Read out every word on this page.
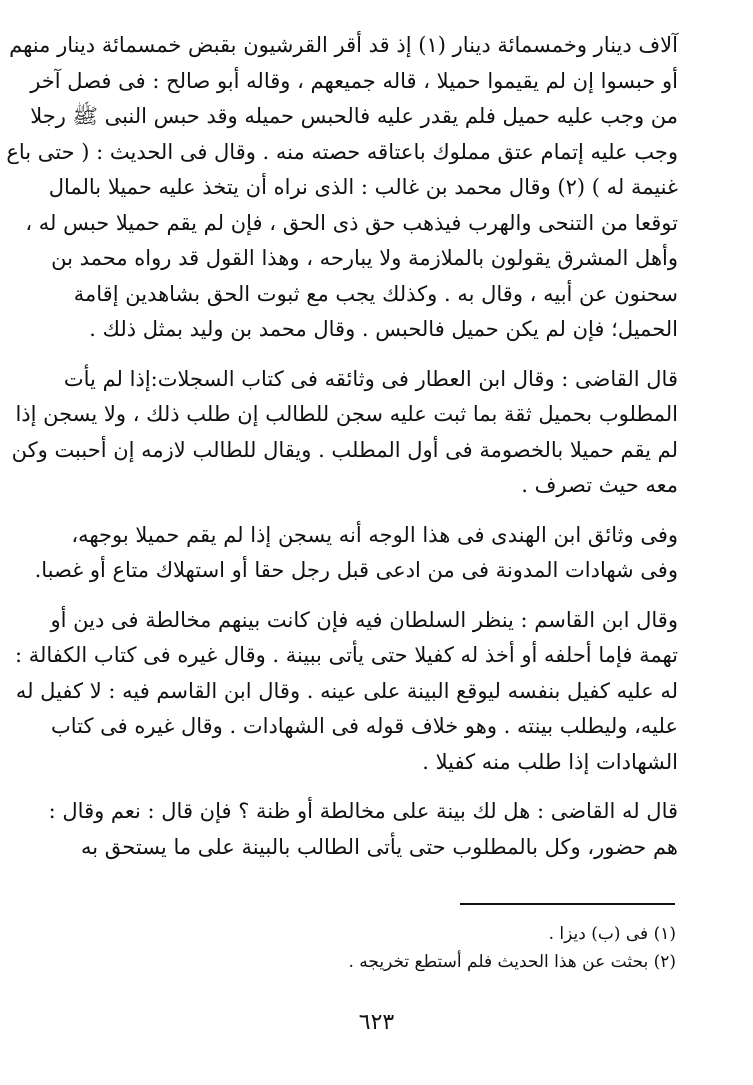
آلاف دينار وخمسمائة دينار (١) إذ قد أقر القرشيون بقبض خمسمائة دينار منهم
أو حبسوا إن لم يقيموا حميلا ، قاله جميعهم ، وقاله أبو صالح : فى فصل آخر
من وجب عليه حميل فلم يقدر عليه فالحبس حميله وقد حبس النبى ﷺ رجلا
وجب عليه إتمام عتق مملوك باعتاقه حصته منه . وقال فى الحديث : ( حتى باع
غنيمة له ) (٢) وقال محمد بن غالب : الذى نراه أن يتخذ عليه حميلا بالمال
توقعا من التنحى والهرب فيذهب حق ذى الحق ، فإن لم يقم حميلا حبس له ،
وأهل المشرق يقولون بالملازمة ولا يبارحه ، وهذا القول قد رواه محمد بن
سحنون عن أبيه ، وقال به . وكذلك يجب مع ثبوت الحق بشاهدين إقامة
الحميل؛ فإن لم يكن حميل فالحبس . وقال محمد بن وليد بمثل ذلك .

قال القاضى : وقال ابن العطار فى وثائقه فى كتاب السجلات:إذا لم يأت
المطلوب بحميل ثقة بما ثبت عليه سجن للطالب إن طلب ذلك ، ولا يسجن إذا
لم يقم حميلا بالخصومة فى أول المطلب . ويقال للطالب لازمه إن أحببت وكن
معه حيث تصرف .

وفى وثائق ابن الهندى فى هذا الوجه أنه يسجن إذا لم يقم حميلا بوجهه،
وفى شهادات المدونة فى من ادعى قبل رجل حقا أو استهلاك متاع أو غصبا.

وقال ابن القاسم : ينظر السلطان فيه فإن كانت بينهم مخالطة فى دين أو
تهمة فإما أحلفه أو أخذ له كفيلا حتى يأتى ببينة . وقال غيره فى كتاب الكفالة :
له عليه كفيل بنفسه ليوقع البينة على عينه . وقال ابن القاسم فيه : لا كفيل له
عليه، وليطلب بينته . وهو خلاف قوله فى الشهادات . وقال غيره فى كتاب
الشهادات إذا طلب منه كفيلا .

قال له القاضى : هل لك بينة على مخالطة أو ظنة ؟ فإن قال : نعم وقال :
هم حضور، وكل بالمطلوب حتى يأتى الطالب بالبينة على ما يستحق به

(١) فى (ب) ديزا .
(٢) بحثت عن هذا الحديث فلم أستطع تخريجه .
٦٢٣
